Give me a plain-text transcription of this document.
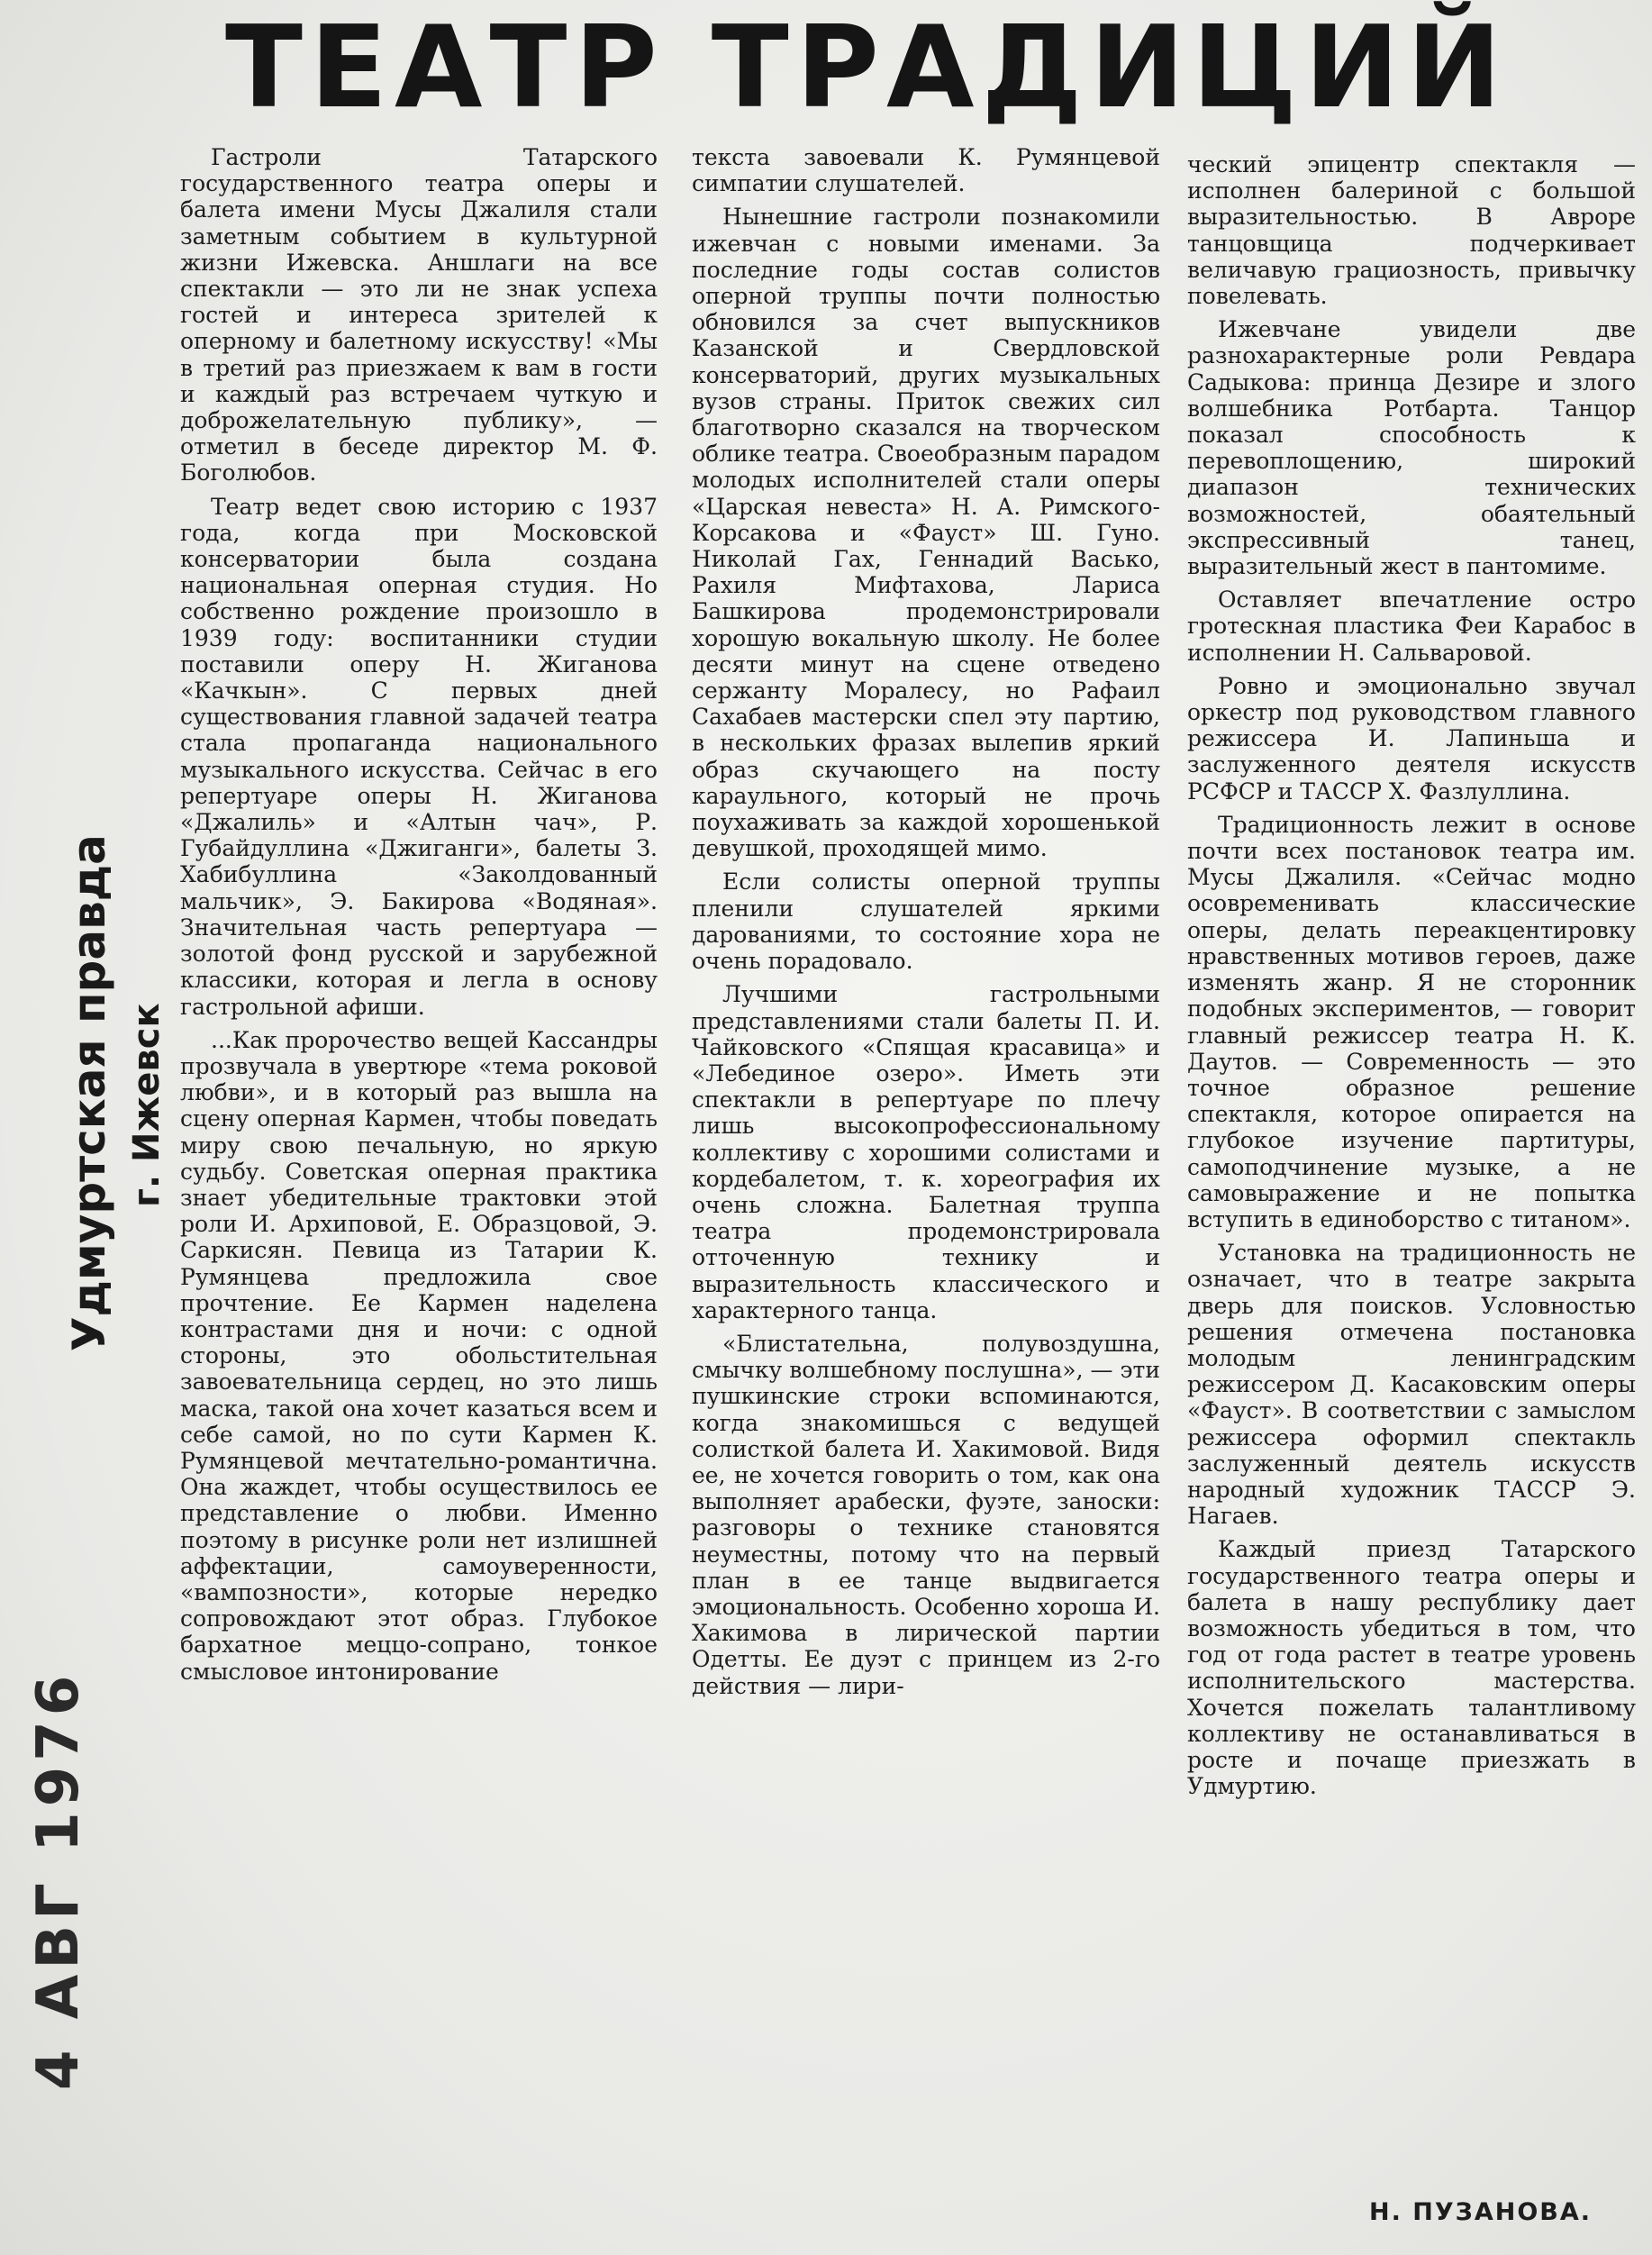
ТЕАТР ТРАДИЦИЙ
Удмуртская правда г. Ижевск
4 АВГ 1976

Гастроли Татарского государственного театра оперы и балета имени Мусы Джалиля стали заметным событием в культурной жизни Ижевска. Аншлаги на все спектакли — это ли не знак успеха гостей и интереса зрителей к оперному и балетному искусству! «Мы в третий раз приезжаем к вам в гости и каждый раз встречаем чуткую и доброжелательную публику», — отметил в беседе директор М. Ф. Боголюбов.

Театр ведет свою историю с 1937 года, когда при Московской консерватории была создана национальная оперная студия. Но собственно рождение произошло в 1939 году: воспитанники студии поставили оперу Н. Жиганова «Качкын». С первых дней существования главной задачей театра стала пропаганда национального музыкального искусства. Сейчас в его репертуаре оперы Н. Жиганова «Джалиль» и «Алтын чач», Р. Губайдуллина «Джиганги», балеты З. Хабибуллина «Заколдованный мальчик», Э. Бакирова «Водяная». Значительная часть репертуара — золотой фонд русской и зарубежной классики, которая и легла в основу гастрольной афиши.

...Как пророчество вещей Кассандры прозвучала в увертюре «тема роковой любви», и в который раз вышла на сцену оперная Кармен, чтобы поведать миру свою печальную, но яркую судьбу. Советская оперная практика знает убедительные трактовки этой роли И. Архиповой, Е. Образцовой, Э. Саркисян. Певица из Татарии К. Румянцева предложила свое прочтение. Ее Кармен наделена контрастами дня и ночи: с одной стороны, это обольстительная завоевательница сердец, но это лишь маска, такой она хочет казаться всем и себе самой, но по сути Кармен К. Румянцевой мечтательно-романтична. Она жаждет, чтобы осуществилось ее представление о любви. Именно поэтому в рисунке роли нет излишней аффектации, самоуверенности, «вампозности», которые нередко сопровождают этот образ. Глубокое бархатное меццо-сопрано, тонкое смысловое интонирование

текста завоевали К. Румянцевой симпатии слушателей.

Нынешние гастроли познакомили ижевчан с новыми именами. За последние годы состав солистов оперной труппы почти полностью обновился за счет выпускников Казанской и Свердловской консерваторий, других музыкальных вузов страны. Приток свежих сил благотворно сказался на творческом облике театра. Своеобразным парадом молодых исполнителей стали оперы «Царская невеста» Н. А. Римского-Корсакова и «Фауст» Ш. Гуно. Николай Гах, Геннадий Васько, Рахиля Мифтахова, Лариса Башкирова продемонстрировали хорошую вокальную школу. Не более десяти минут на сцене отведено сержанту Моралесу, но Рафаил Сахабаев мастерски спел эту партию, в нескольких фразах вылепив яркий образ скучающего на посту караульного, который не прочь поухаживать за каждой хорошенькой девушкой, проходящей мимо.

Если солисты оперной труппы пленили слушателей яркими дарованиями, то состояние хора не очень порадовало.

Лучшими гастрольными представлениями стали балеты П. И. Чайковского «Спящая красавица» и «Лебединое озеро». Иметь эти спектакли в репертуаре по плечу лишь высокопрофессиональному коллективу с хорошими солистами и кордебалетом, т. к. хореография их очень сложна. Балетная труппа театра продемонстрировала отточенную технику и выразительность классического и характерного танца.

«Блистательна, полувоздушна, смычку волшебному послушна», — эти пушкинские строки вспоминаются, когда знакомишься с ведущей солисткой балета И. Хакимовой. Видя ее, не хочется говорить о том, как она выполняет арабески, фуэте, заноски: разговоры о технике становятся неуместны, потому что на первый план в ее танце выдвигается эмоциональность. Особенно хороша И. Хакимова в лирической партии Одетты. Ее дуэт с принцем из 2-го действия — лири-

ческий эпицентр спектакля — исполнен балериной с большой выразительностью. В Авроре танцовщица подчеркивает величавую грациозность, привычку повелевать.

Ижевчане увидели две разнохарактерные роли Ревдара Садыкова: принца Дезире и злого волшебника Ротбарта. Танцор показал способность к перевоплощению, широкий диапазон технических возможностей, обаятельный экспрессивный танец, выразительный жест в пантомиме.

Оставляет впечатление остро гротескная пластика Феи Карабос в исполнении Н. Сальваровой.

Ровно и эмоционально звучал оркестр под руководством главного режиссера И. Лапиньша и заслуженного деятеля искусств РСФСР и ТАССР Х. Фазлуллина.

Традиционность лежит в основе почти всех постановок театра им. Мусы Джалиля. «Сейчас модно осовременивать классические оперы, делать переакцентировку нравственных мотивов героев, даже изменять жанр. Я не сторонник подобных экспериментов, — говорит главный режиссер театра Н. К. Даутов. — Современность — это точное образное решение спектакля, которое опирается на глубокое изучение партитуры, самоподчинение музыке, а не самовыражение и не попытка вступить в единоборство с титаном».

Установка на традиционность не означает, что в театре закрыта дверь для поисков. Условностью решения отмечена постановка молодым ленинградским режиссером Д. Касаковским оперы «Фауст». В соответствии с замыслом режиссера оформил спектакль заслуженный деятель искусств народный художник ТАССР Э. Нагаев.

Каждый приезд Татарского государственного театра оперы и балета в нашу республику дает возможность убедиться в том, что год от года растет в театре уровень исполнительского мастерства. Хочется пожелать талантливому коллективу не останавливаться в росте и почаще приезжать в Удмуртию.

Н. ПУЗАНОВА.
